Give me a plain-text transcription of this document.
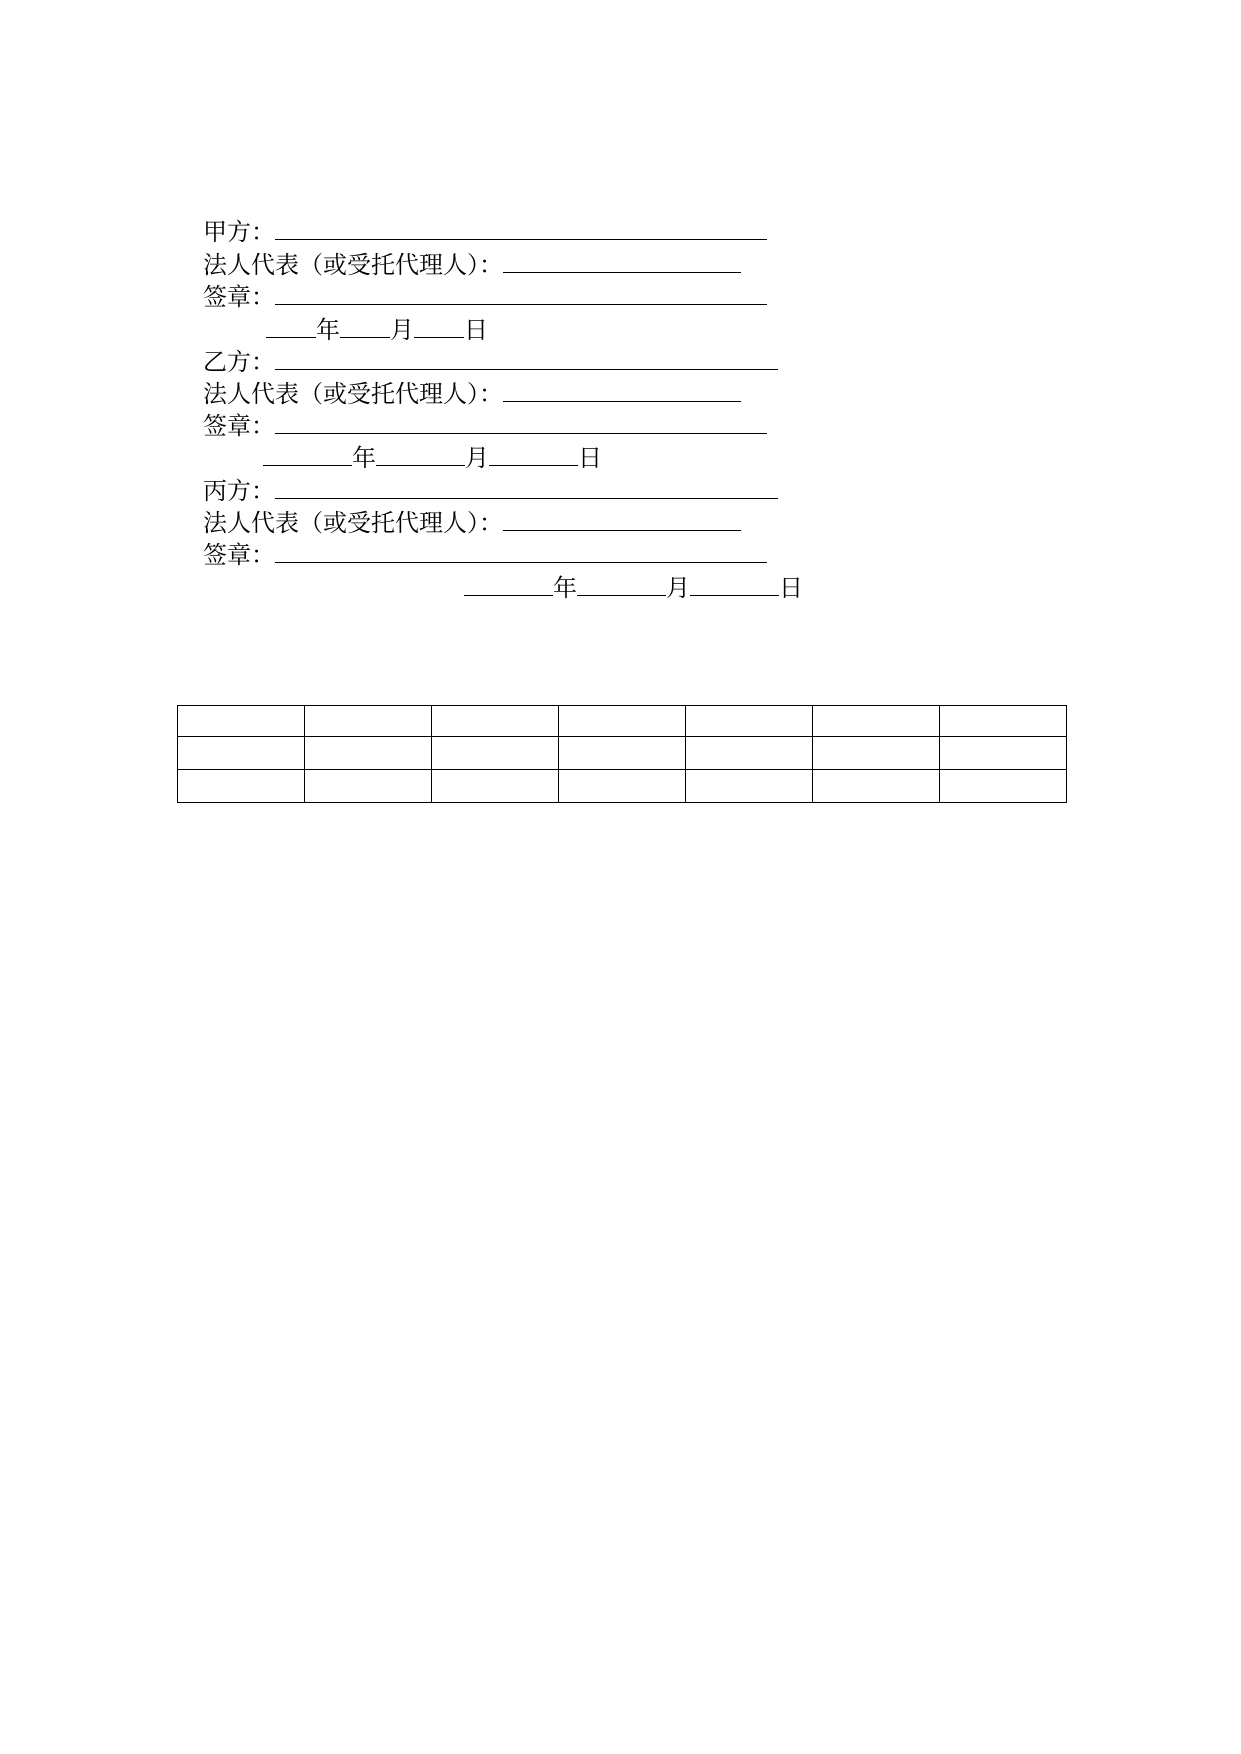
甲方：
法人代表（或受托代理人）：
签章：
年 月 日
乙方：
法人代表（或受托代理人）：
签章：
年	月	日
丙方：
法人代表（或受托代理人）：
签章：
年	月	日
